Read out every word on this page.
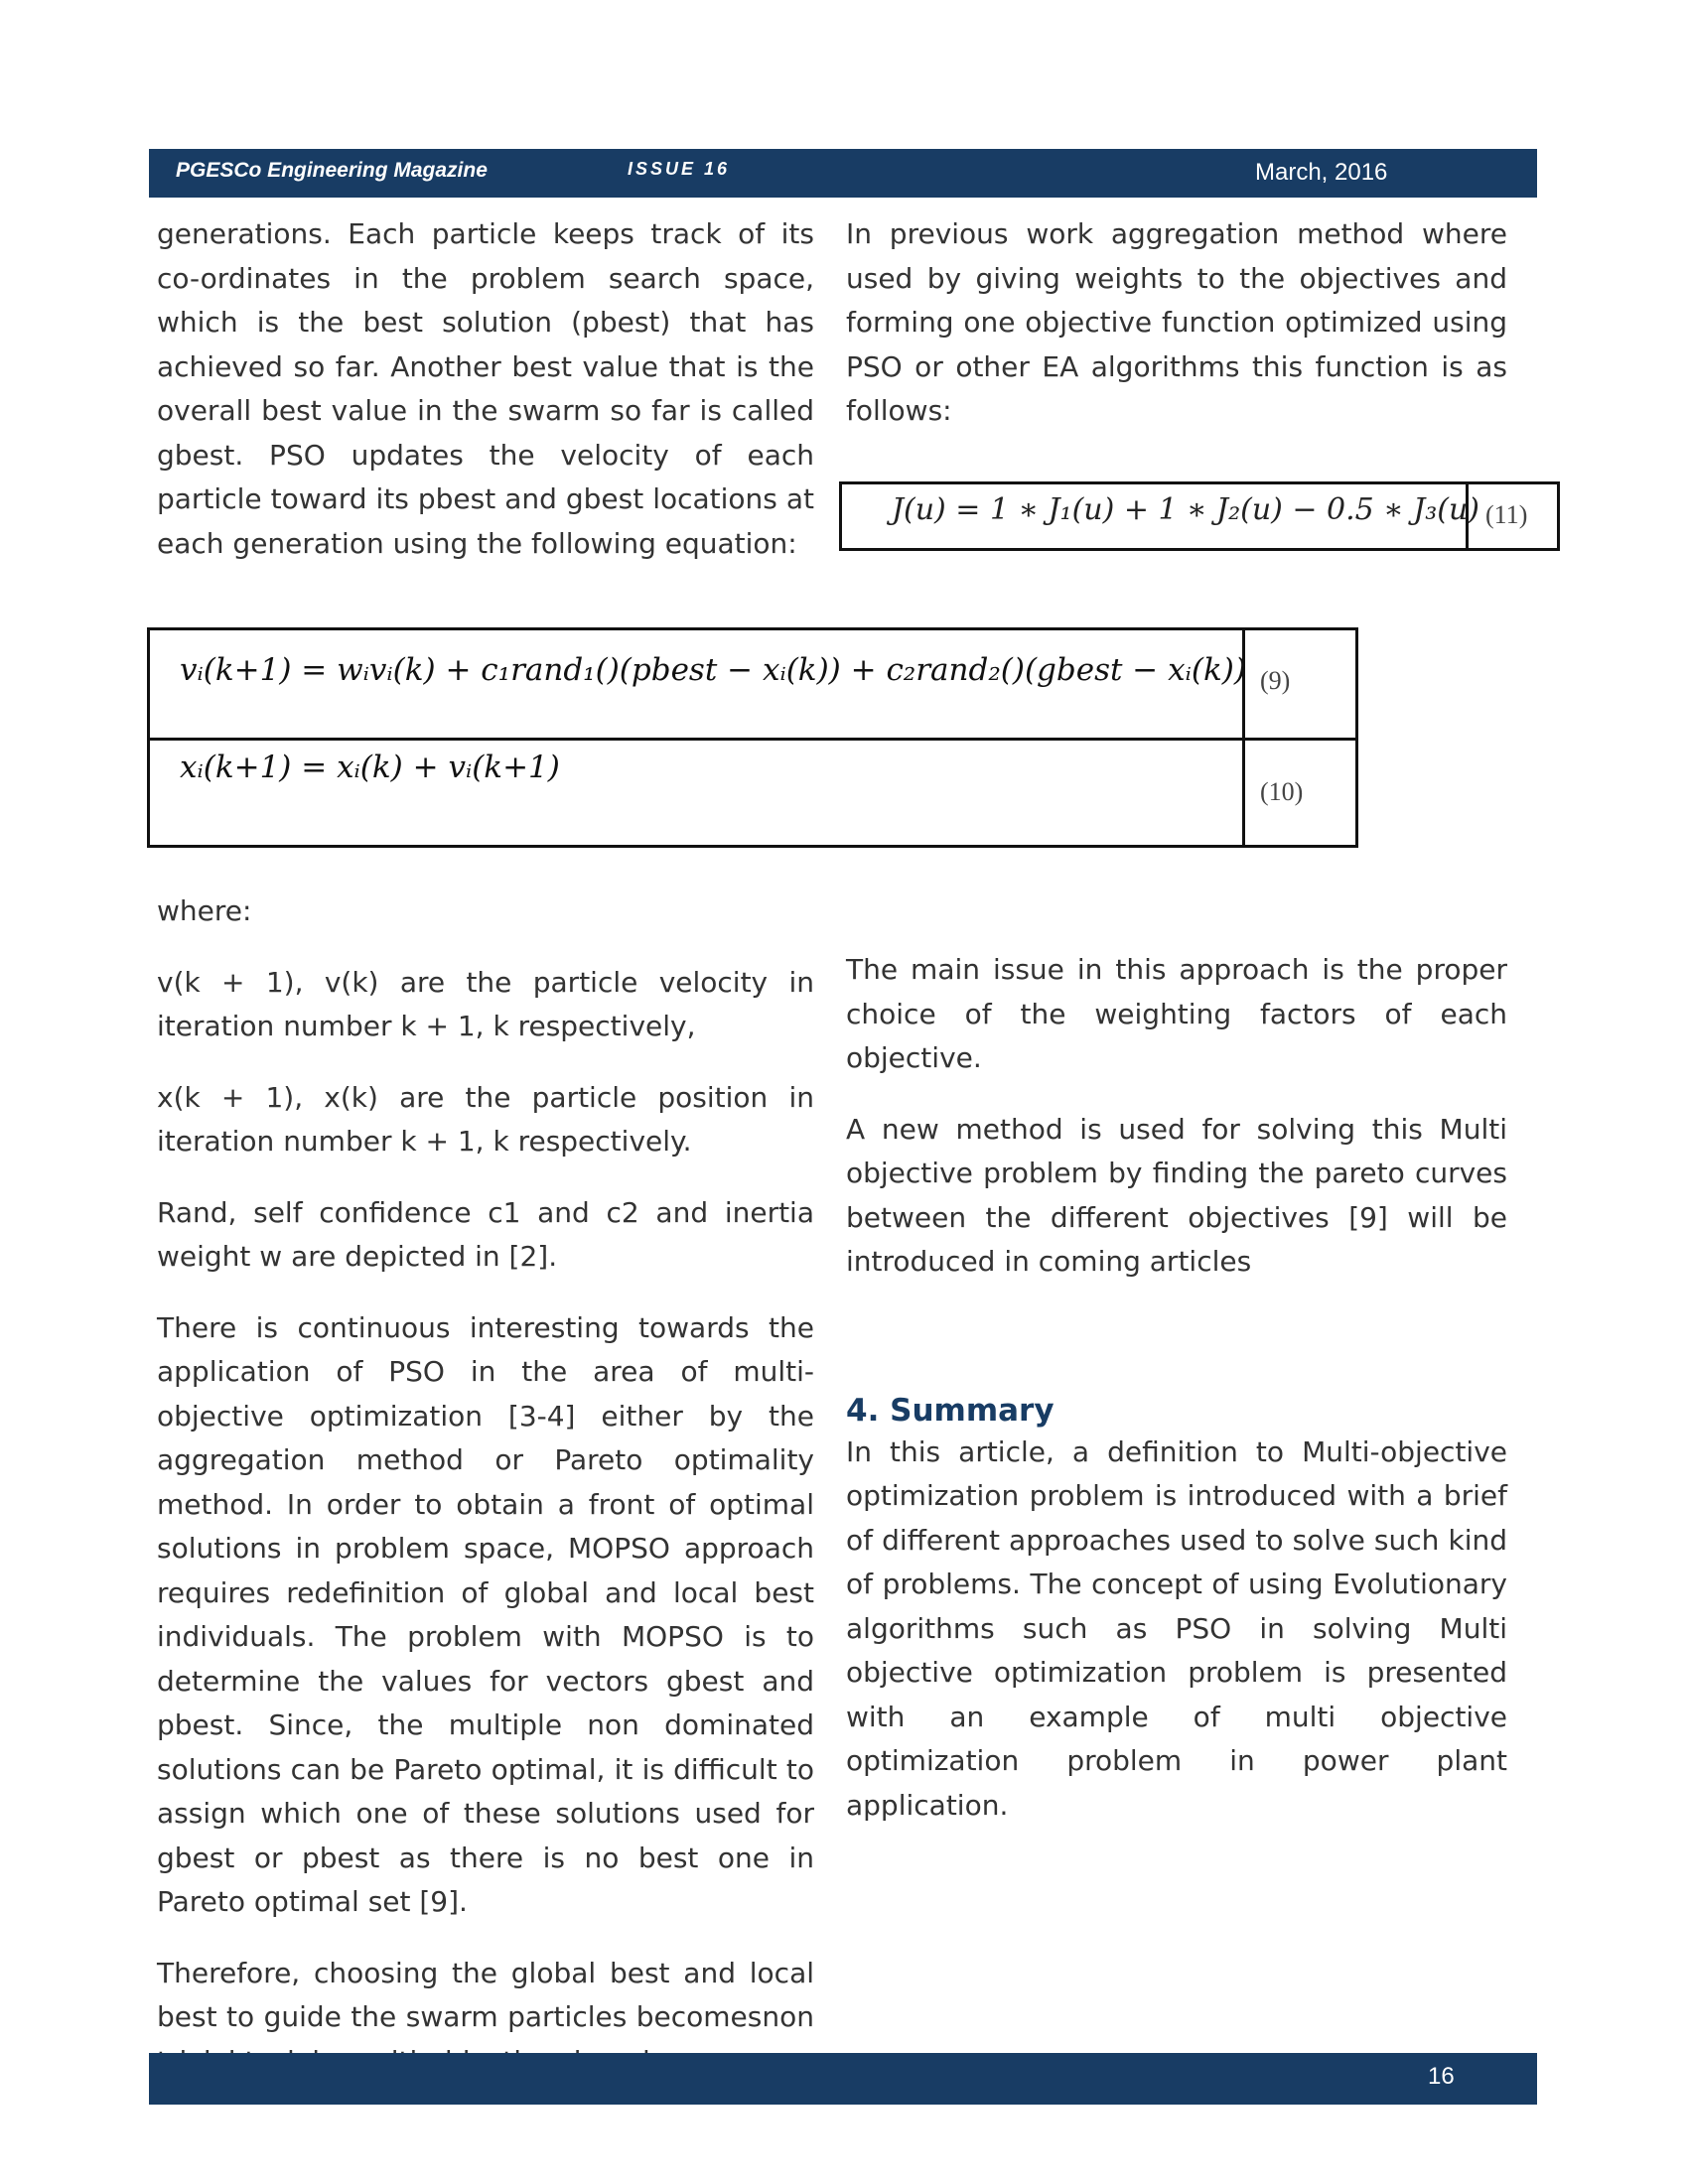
PGESCo Engineering Magazine	ISSUE 16	March, 2016

generations. Each particle keeps track of its co-ordinates in the problem search space, which is the best solution (pbest) that has achieved so far. Another best value that is the overall best value in the swarm so far is called gbest. PSO updates the velocity of each particle toward its pbest and gbest locations at each generation using the following equation:

In previous work aggregation method where used by giving weights to the objectives and forming one objective function optimized using PSO or other EA algorithms this function is as follows:

J(u) = 1 ∗ J₁(u) + 1 ∗ J₂(u) − 0.5 ∗ J₃(u) (11)
vᵢ(k+1) = wᵢvᵢ(k) + c₁rand₁()(pbest − xᵢ(k)) + c₂rand₂()(gbest − xᵢ(k)) (9)
xᵢ(k+1) = xᵢ(k) + vᵢ(k+1)
(10)

where:

v(k + 1), v(k) are the particle velocity in iteration number k + 1, k respectively,

x(k + 1), x(k) are the particle position in iteration number k + 1, k respectively.

Rand, self confidence c1 and c2 and inertia weight w are depicted in [2].

There is continuous interesting towards the application of PSO in the area of multi-objective optimization [3-4] either by the aggregation method or Pareto optimality method. In order to obtain a front of optimal solutions in problem space, MOPSO approach requires redefinition of global and local best individuals. The problem with MOPSO is to determine the values for vectors gbest and pbest. Since, the multiple non dominated solutions can be Pareto optimal, it is difficult to assign which one of these solutions used for gbest or pbest as there is no best one in Pareto optimal set [9].

Therefore, choosing the global best and local best to guide the swarm particles becomesnon

The main issue in this approach is the proper choice of the weighting factors of each objective.

A new method is used for solving this Multi objective problem by finding the pareto curves between the different objectives [9] will be introduced in coming articles

4. Summary

In this article, a definition to Multi-objective optimization problem is introduced with a brief of different approaches used to solve such kind of problems. The concept of using Evolutionary algorithms such as PSO in solving Multi objective optimization problem is presented with an example of multi objective optimization problem in power plant application.

16
